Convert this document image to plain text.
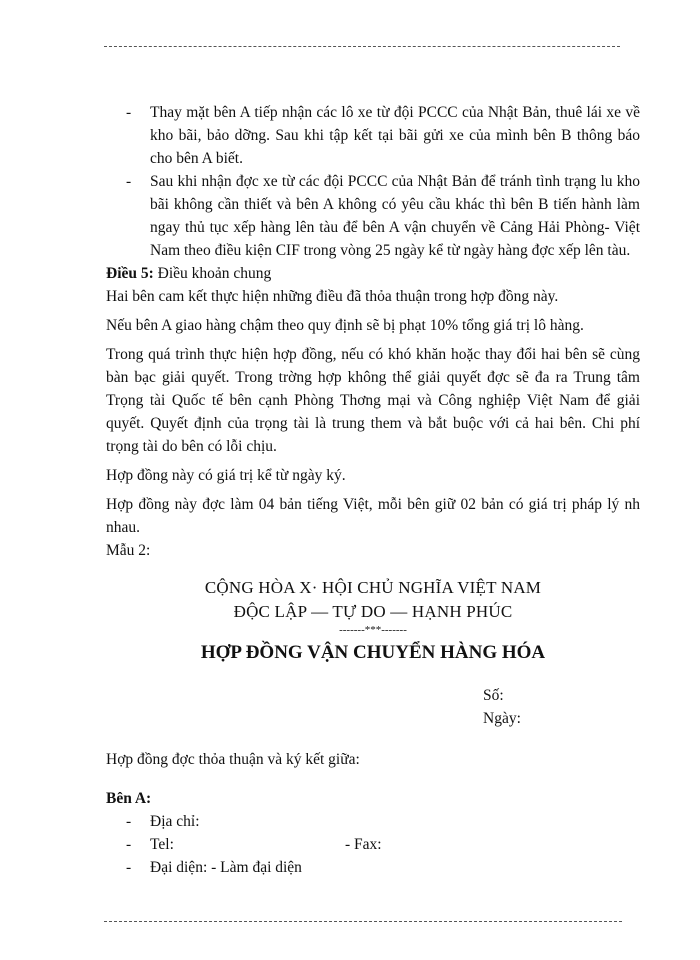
- Thay mặt bên A tiếp nhận các lô xe từ đội PCCC của Nhật Bản, thuê lái xe về kho bãi, bảo dỡng. Sau khi tập kết tại bãi gửi xe của mình bên B thông báo cho bên A biết.

- Sau khi nhận đợc xe từ các đội PCCC của Nhật Bản để tránh tình trạng lu kho bãi không cần thiết và bên A không có yêu cầu khác thì bên B tiến hành làm ngay thủ tục xếp hàng lên tàu để bên A vận chuyển về Cảng Hải Phòng- Việt Nam theo điều kiện CIF trong vòng 25 ngày kể từ ngày hàng đợc xếp lên tàu.

Điều 5: Điều khoản chung

Hai bên cam kết thực hiện những điều đã thỏa thuận trong hợp đồng này.

Nếu bên A giao hàng chậm theo quy định sẽ bị phạt 10% tổng giá trị lô hàng.

Trong quá trình thực hiện hợp đồng, nếu có khó khăn hoặc thay đổi hai bên sẽ cùng bàn bạc giải quyết. Trong trờng hợp không thể giải quyết đợc sẽ đa ra Trung tâm Trọng tài Quốc tế bên cạnh Phòng Thơng mại và Công nghiệp Việt Nam để giải quyết. Quyết định của trọng tài là trung them và bắt buộc với cả hai bên. Chi phí trọng tài do bên có lỗi chịu.

Hợp đồng này có giá trị kể từ ngày ký.

Hợp đồng này đợc làm 04 bản tiếng Việt, mỗi bên giữ 02 bản có giá trị pháp lý nh nhau.

Mẫu 2:

CỘNG HÒA X· HỘI CHỦ NGHĨA VIỆT NAM
ĐỘC LẬP — TỰ DO — HẠNH PHÚC
-------***-------
HỢP ĐỒNG VẬN CHUYỂN HÀNG HÓA
Số:
Ngày:

Hợp đồng đợc thỏa thuận và ký kết giữa:

Bên A:

- Địa chỉ:

- Tel:	- Fax:
- Đại diện: - Làm đại diện
